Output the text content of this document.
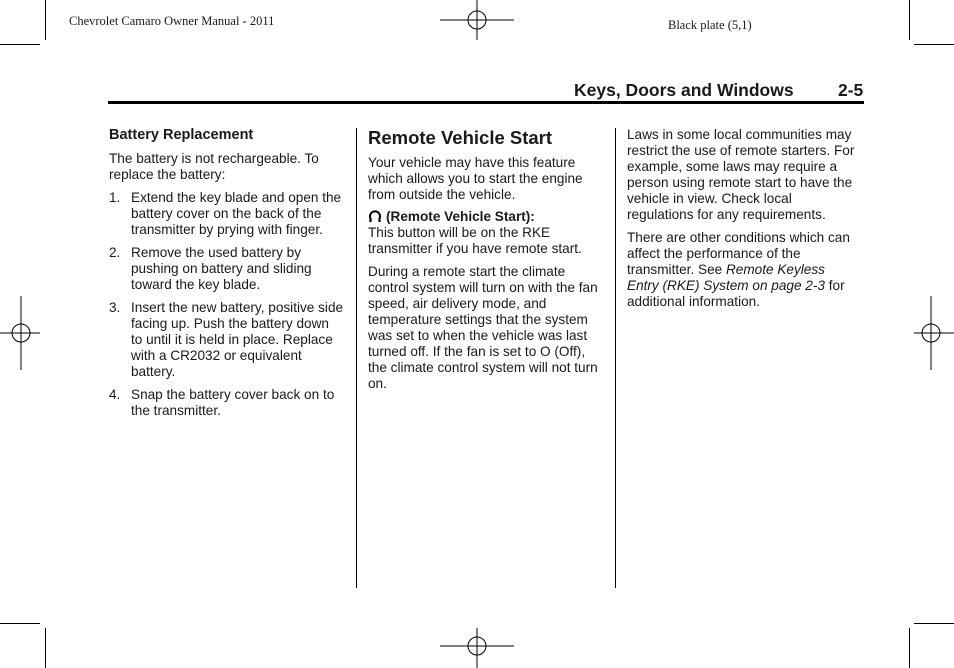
Chevrolet Camaro Owner Manual - 2011	Black plate (5,1)
Keys, Doors and Windows	2-5

Battery Replacement

The battery is not rechargeable. To replace the battery:

1. Extend the key blade and open the battery cover on the back of the transmitter by prying with finger.
2. Remove the used battery by pushing on battery and sliding toward the key blade.
3. Insert the new battery, positive side facing up. Push the battery down to until it is held in place. Replace with a CR2032 or equivalent battery.
4. Snap the battery cover back on to the transmitter.

Remote Vehicle Start

Your vehicle may have this feature which allows you to start the engine from outside the vehicle.

(Remote Vehicle Start):
This button will be on the RKE transmitter if you have remote start.

During a remote start the climate control system will turn on with the fan speed, air delivery mode, and temperature settings that the system was set to when the vehicle was last turned off. If the fan is set to O (Off), the climate control system will not turn on.

Laws in some local communities may restrict the use of remote starters. For example, some laws may require a person using remote start to have the vehicle in view. Check local regulations for any requirements.

There are other conditions which can affect the performance of the transmitter. See Remote Keyless Entry (RKE) System on page 2-3 for additional information.
